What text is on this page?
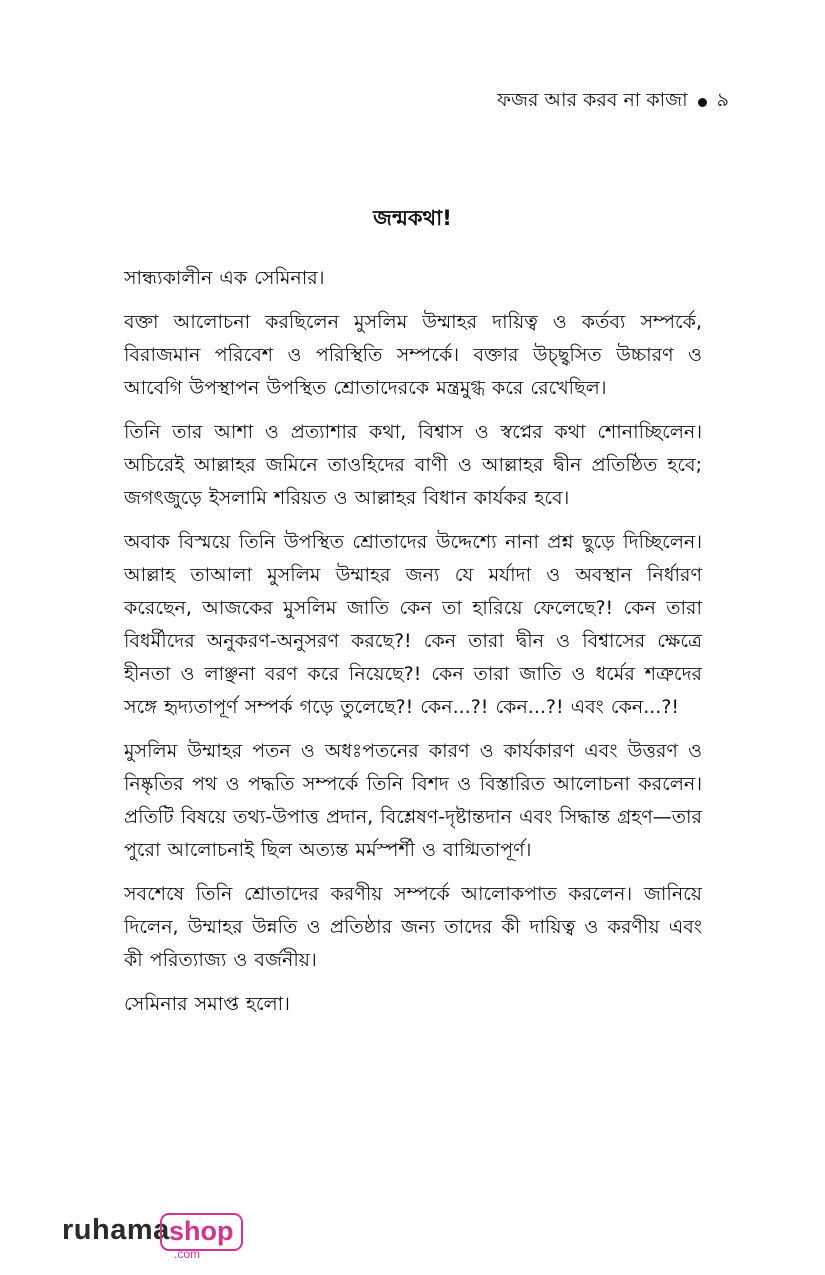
ফজর আর করব না কাজা ৯
জন্মকথা!

সান্ধ্যকালীন এক সেমিনার।

বক্তা আলোচনা করছিলেন মুসলিম উম্মাহর দায়িত্ব ও কর্তব্য সম্পর্কে, বিরাজমান পরিবেশ ও পরিস্থিতি সম্পর্কে। বক্তার উচ্ছ্বসিত উচ্চারণ ও আবেগি উপস্থাপন উপস্থিত শ্রোতাদেরকে মন্ত্রমুগ্ধ করে রেখেছিল।

তিনি তার আশা ও প্রত্যাশার কথা, বিশ্বাস ও স্বপ্নের কথা শোনাচ্ছিলেন। অচিরেই আল্লাহর জমিনে তাওহিদের বাণী ও আল্লাহর দ্বীন প্রতিষ্ঠিত হবে; জগৎজুড়ে ইসলামি শরিয়ত ও আল্লাহর বিধান কার্যকর হবে।

অবাক বিস্ময়ে তিনি উপস্থিত শ্রোতাদের উদ্দেশ্যে নানা প্রশ্ন ছুড়ে দিচ্ছিলেন। আল্লাহ তাআলা মুসলিম উম্মাহর জন্য যে মর্যাদা ও অবস্থান নির্ধারণ করেছেন, আজকের মুসলিম জাতি কেন তা হারিয়ে ফেলেছে?! কেন তারা বিধর্মীদের অনুকরণ-অনুসরণ করছে?! কেন তারা দ্বীন ও বিশ্বাসের ক্ষেত্রে হীনতা ও লাঞ্ছনা বরণ করে নিয়েছে?! কেন তারা জাতি ও ধর্মের শত্রুদের সঙ্গে হৃদ্যতাপূর্ণ সম্পর্ক গড়ে তুলেছে?! কেন...?! কেন...?! এবং কেন...?!

মুসলিম উম্মাহর পতন ও অধঃপতনের কারণ ও কার্যকারণ এবং উত্তরণ ও নিষ্কৃতির পথ ও পদ্ধতি সম্পর্কে তিনি বিশদ ও বিস্তারিত আলোচনা করলেন। প্রতিটি বিষয়ে তথ্য-উপাত্ত প্রদান, বিশ্লেষণ-দৃষ্টান্তদান এবং সিদ্ধান্ত গ্রহণ—তার পুরো আলোচনাই ছিল অত্যন্ত মর্মস্পর্শী ও বাগ্মিতাপূর্ণ।

সবশেষে তিনি শ্রোতাদের করণীয় সম্পর্কে আলোকপাত করলেন। জানিয়ে দিলেন, উম্মাহর উন্নতি ও প্রতিষ্ঠার জন্য তাদের কী দায়িত্ব ও করণীয় এবং কী পরিত্যাজ্য ও বর্জনীয়।

সেমিনার সমাপ্ত হলো।

ruhama shop
.com
